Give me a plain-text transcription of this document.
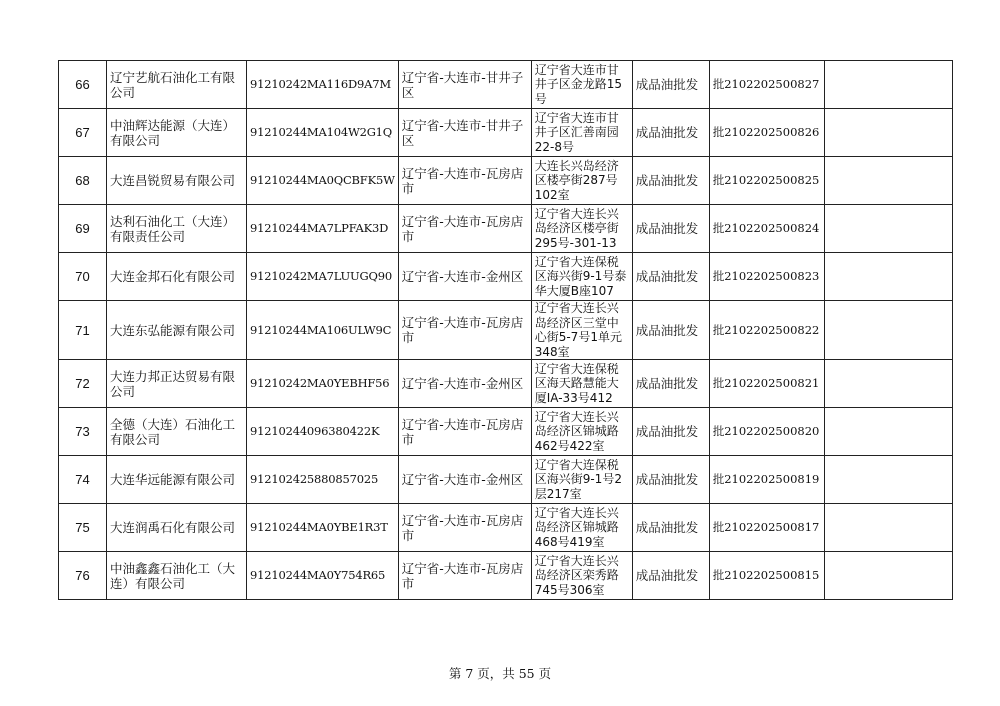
66	辽宁艺航石油化工有限公司	91210242MA116D9A7M	辽宁省-大连市-甘井子区	辽宁省大连市甘井子区金龙路15号	成品油批发	批2102202500827	
67	中油辉达能源（大连）有限公司	91210244MA104W2G1Q	辽宁省-大连市-甘井子区	辽宁省大连市甘井子区汇善南园22-8号	成品油批发	批2102202500826	
68	大连昌锐贸易有限公司	91210244MA0QCBFK5W	辽宁省-大连市-瓦房店市	大连长兴岛经济区楼亭街287号102室	成品油批发	批2102202500825	
69	达利石油化工（大连）有限责任公司	91210244MA7LPFAK3D	辽宁省-大连市-瓦房店市	辽宁省大连长兴岛经济区楼亭街295号-301-13	成品油批发	批2102202500824	
70	大连金邦石化有限公司	91210242MA7LUUGQ90	辽宁省-大连市-金州区	辽宁省大连保税区海兴街9-1号泰华大厦B座107	成品油批发	批2102202500823	
71	大连东弘能源有限公司	91210244MA106ULW9C	辽宁省-大连市-瓦房店市	辽宁省大连长兴岛经济区三堂中心街5-7号1单元348室	成品油批发	批2102202500822	
72	大连力邦正达贸易有限公司	91210242MA0YEBHF56	辽宁省-大连市-金州区	辽宁省大连保税区海天路慧能大厦IA-33号412	成品油批发	批2102202500821	
73	全德（大连）石油化工有限公司	91210244096380422K	辽宁省-大连市-瓦房店市	辽宁省大连长兴岛经济区锦城路462号422室	成品油批发	批2102202500820	
74	大连华远能源有限公司	912102425880857025	辽宁省-大连市-金州区	辽宁省大连保税区海兴街9-1号2层217室	成品油批发	批2102202500819	
75	大连润禹石化有限公司	91210244MA0YBE1R3T	辽宁省-大连市-瓦房店市	辽宁省大连长兴岛经济区锦城路468号419室	成品油批发	批2102202500817	
76	中油鑫鑫石油化工（大连）有限公司	91210244MA0Y754R65	辽宁省-大连市-瓦房店市	辽宁省大连长兴岛经济区栾秀路745号306室	成品油批发	批2102202500815	
第 7 页，共 55 页
